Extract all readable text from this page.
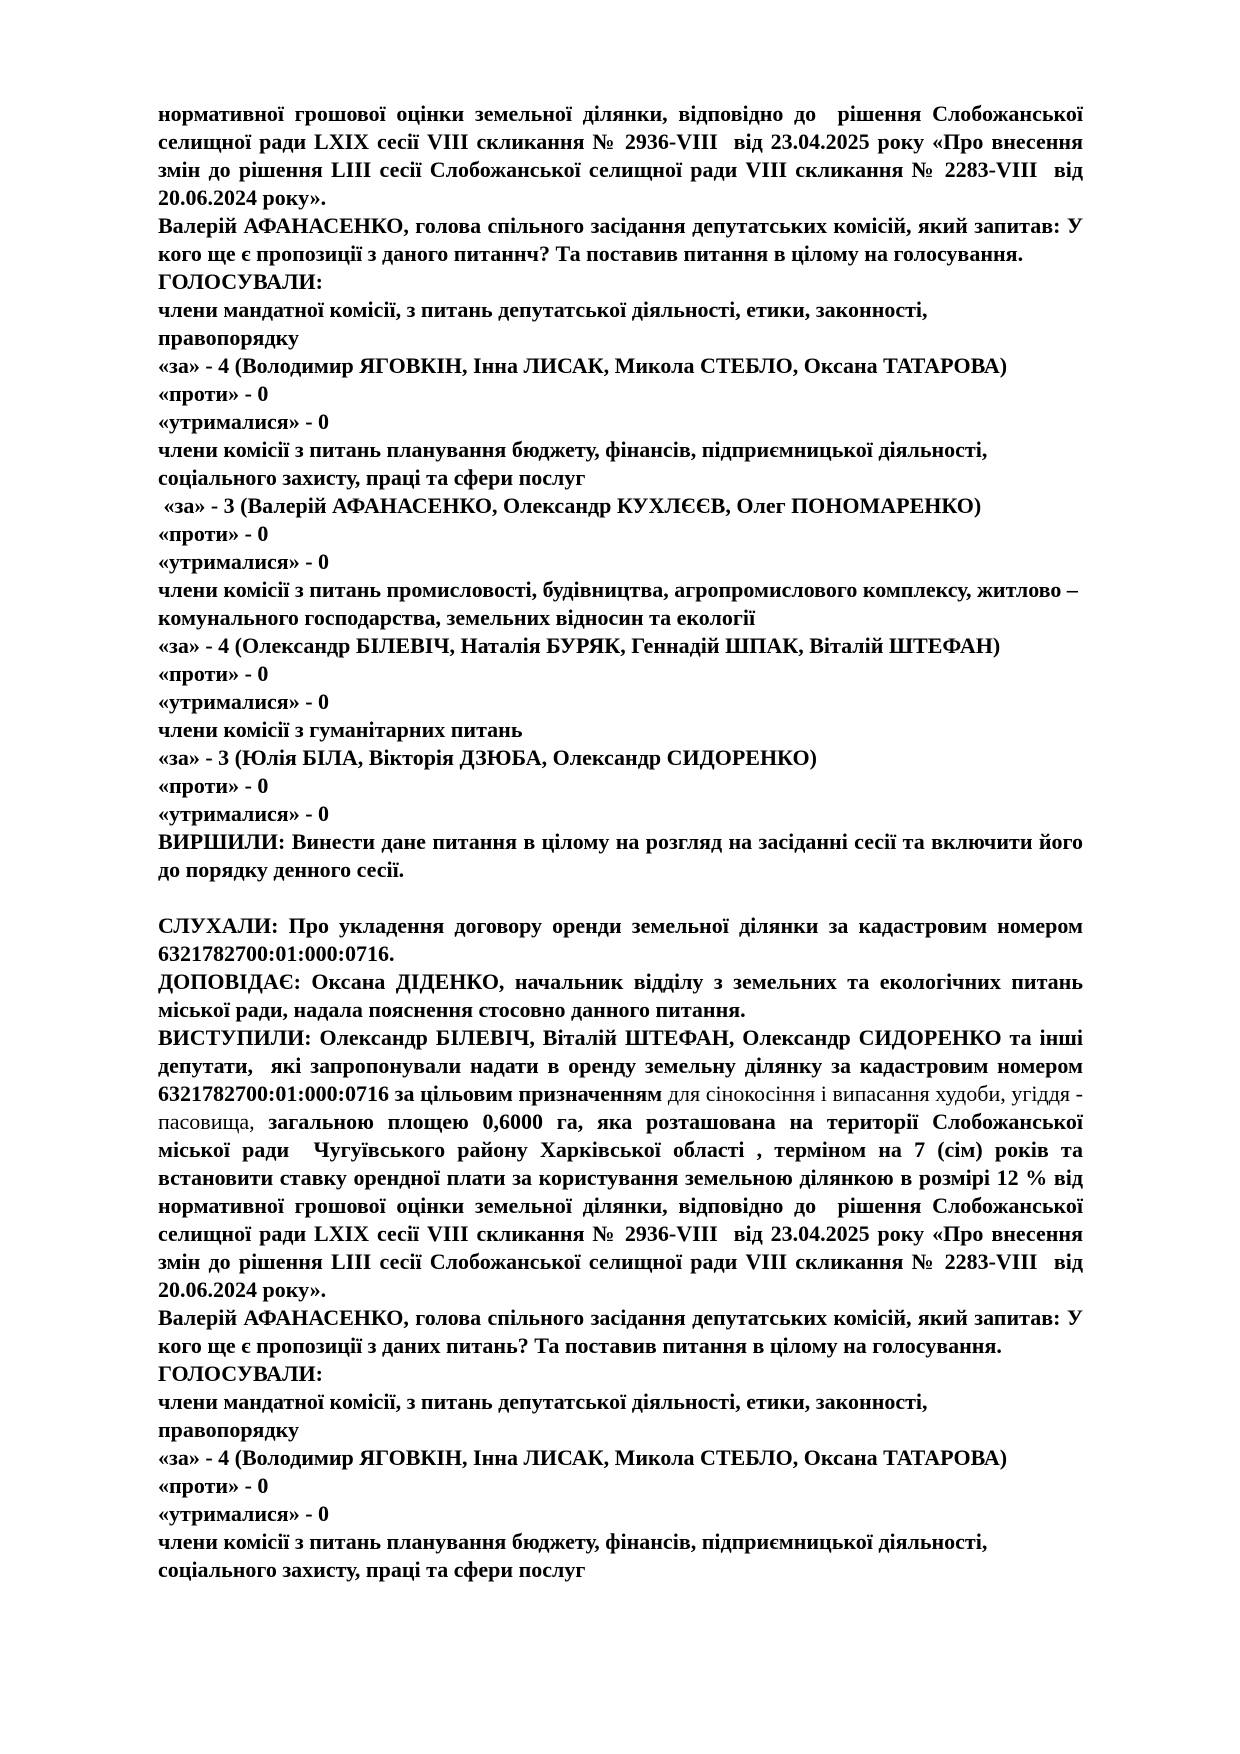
нормативної грошової оцінки земельної ділянки, відповідно до  рішення Слобожанської селищної ради LXIX сесії VIII скликання № 2936-VIII  від 23.04.2025 року «Про внесення змін до рішення LIII сесії Слобожанської селищної ради VIII скликання № 2283-VIII  від 20.06.2024 року».
Валерій АФАНАСЕНКО, голова спільного засідання депутатських комісій, який запитав: У кого ще є пропозиції з даного питаннч? Та поставив питання в цілому на голосування.
ГОЛОСУВАЛИ:
члени мандатної комісії, з питань депутатської діяльності, етики, законності,
правопорядку
«за» - 4 (Володимир ЯГОВКІН, Інна ЛИСАК, Микола СТЕБЛО, Оксана ТАТАРОВА)
«проти» - 0
«утрималися» - 0
члени комісії з питань планування бюджету, фінансів, підприємницької діяльності, соціального захисту, праці та сфери послуг
«за» - 3 (Валерій АФАНАСЕНКО, Олександр КУХЛЄЄВ, Олег ПОНОМАРЕНКО)
«проти» - 0
«утрималися» - 0
члени комісії з питань промисловості, будівництва, агропромислового комплексу, житлово – комунального господарства, земельних відносин та екології
«за» - 4 (Олександр БІЛЕВІЧ, Наталія БУРЯК, Геннадій ШПАК, Віталій ШТЕФАН)
«проти» - 0
«утрималися» - 0
члени комісії з гуманітарних питань
«за» - 3 (Юлія БІЛА, Вікторія ДЗЮБА, Олександр СИДОРЕНКО)
«проти» - 0
«утрималися» - 0
ВИРШИЛИ: Винести дане питання в цілому на розгляд на засіданні сесії та включити його до порядку денного сесії.

СЛУХАЛИ: Про укладення договору оренди земельної ділянки за кадастровим номером 6321782700:01:000:0716.
ДОПОВІДАЄ: Оксана ДІДЕНКО, начальник відділу з земельних та екологічних питань міської ради, надала пояснення стосовно данного питання.
ВИСТУПИЛИ: Олександр БІЛЕВІЧ, Віталій ШТЕФАН, Олександр СИДОРЕНКО та інші депутати,  які запропонували надати в оренду земельну ділянку за кадастровим номером 6321782700:01:000:0716 за цільовим призначенням для сінокосіння і випасання худоби, угіддя - пасовища, загальною площею 0,6000 га, яка розташована на території Слобожанської міської ради  Чугуївського району Харківської області , терміном на 7 (сім) років та встановити ставку орендної плати за користування земельною ділянкою в розмірі 12 % від нормативної грошової оцінки земельної ділянки, відповідно до  рішення Слобожанської селищної ради LXIX сесії VIII скликання № 2936-VIII  від 23.04.2025 року «Про внесення змін до рішення LIII сесії Слобожанської селищної ради VIII скликання № 2283-VIII  від 20.06.2024 року».
Валерій АФАНАСЕНКО, голова спільного засідання депутатських комісій, який запитав: У кого ще є пропозиції з даних питань? Та поставив питання в цілому на голосування.
ГОЛОСУВАЛИ:
члени мандатної комісії, з питань депутатської діяльності, етики, законності,
правопорядку
«за» - 4 (Володимир ЯГОВКІН, Інна ЛИСАК, Микола СТЕБЛО, Оксана ТАТАРОВА)
«проти» - 0
«утрималися» - 0
члени комісії з питань планування бюджету, фінансів, підприємницької діяльності, соціального захисту, праці та сфери послуг
